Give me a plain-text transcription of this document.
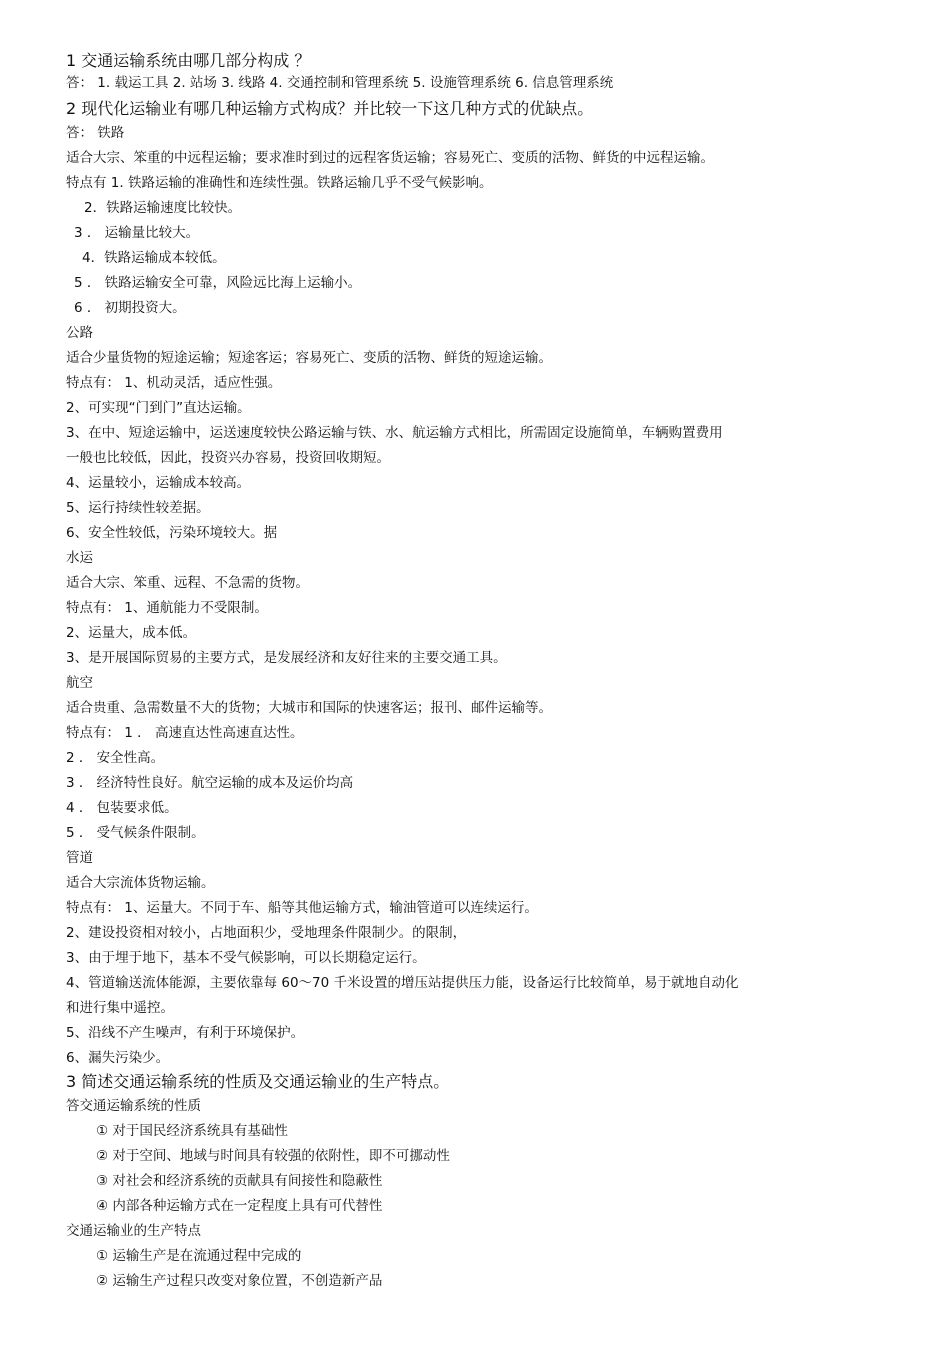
1 交通运输系统由哪几部分构成 ？
答： 1. 载运工具 2. 站场 3. 线路 4. 交通控制和管理系统 5. 设施管理系统 6. 信息管理系统
2 现代化运输业有哪几种运输方式构成？并比较一下这几种方式的优缺点。
答： 铁路
适合大宗、笨重的中远程运输；要求准时到过的远程客货运输；容易死亡、变质的活物、鲜货的中远程运输。
特点有 1. 铁路运输的准确性和连续性强。铁路运输几乎不受气候影响。
2．铁路运输速度比较快。
3 ． 运输量比较大。
4．铁路运输成本较低。
5 ． 铁路运输安全可靠，风险远比海上运输小。
6 ． 初期投资大。
公路
适合少量货物的短途运输；短途客运；容易死亡、变质的活物、鲜货的短途运输。
特点有： 1、机动灵活，适应性强。
2、可实现“门到门”直达运输。
3、在中、短途运输中，运送速度较快公路运输与铁、水、航运输方式相比，所需固定设施简单，车辆购置费用
一般也比较低，因此，投资兴办容易，投资回收期短。
4、运量较小，运输成本较高。
5、运行持续性较差据。
6、安全性较低，污染环境较大。据
水运
适合大宗、笨重、远程、不急需的货物。
特点有： 1、通航能力不受限制。
2、运量大，成本低。
3、是开展国际贸易的主要方式，是发展经济和友好往来的主要交通工具。
航空
适合贵重、急需数量不大的货物；大城市和国际的快速客运；报刊、邮件运输等。
特点有： 1 ． 高速直达性高速直达性。
2 ． 安全性高。
3 ． 经济特性良好。航空运输的成本及运价均高
4 ． 包装要求低。
5 ． 受气候条件限制。
管道
适合大宗流体货物运输。
特点有： 1、运量大。不同于车、船等其他运输方式，输油管道可以连续运行。
2、建设投资相对较小，占地面积少，受地理条件限制少。的限制，
3、由于埋于地下，基本不受气候影响，可以长期稳定运行。
4、管道输送流体能源，主要依靠每 60～70 千米设置的增压站提供压力能，设备运行比较简单，易于就地自动化
和进行集中遥控。
5、沿线不产生噪声，有利于环境保护。
6、漏失污染少。
3 简述交通运输系统的性质及交通运输业的生产特点。
答交通运输系统的性质
① 对于国民经济系统具有基础性
② 对于空间、地域与时间具有较强的依附性，即不可挪动性
③ 对社会和经济系统的贡献具有间接性和隐蔽性
④ 内部各种运输方式在一定程度上具有可代替性
交通运输业的生产特点
① 运输生产是在流通过程中完成的
② 运输生产过程只改变对象位置，不创造新产品
